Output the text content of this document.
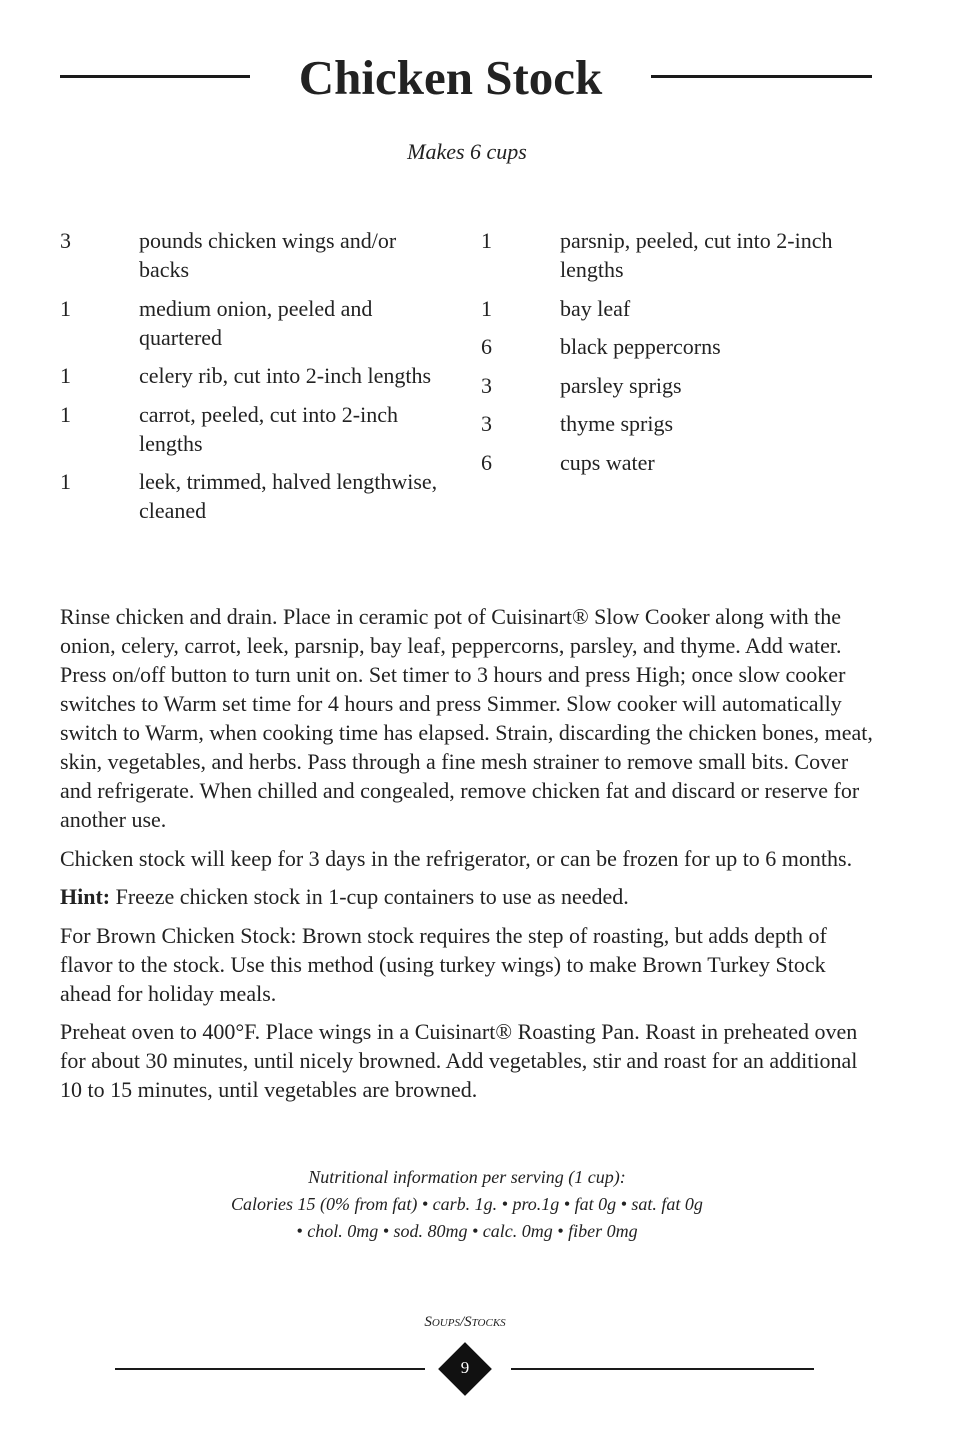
Chicken Stock
Makes 6 cups
3	pounds chicken wings and/or backs
1	medium onion, peeled and quartered
1	celery rib, cut into 2-inch lengths
1	carrot, peeled, cut into 2-inch lengths
1	leek, trimmed, halved lengthwise, cleaned
1	parsnip, peeled, cut into 2-inch lengths
1	bay leaf
6	black peppercorns
3	parsley sprigs
3	thyme sprigs
6	cups water

Rinse chicken and drain. Place in ceramic pot of Cuisinart® Slow Cooker along with the onion, celery, carrot, leek, parsnip, bay leaf, peppercorns, parsley, and thyme. Add water. Press on/off button to turn unit on. Set timer to 3 hours and press High; once slow cooker switches to Warm set time for 4 hours and press Simmer. Slow cooker will automatically switch to Warm, when cooking time has elapsed. Strain, discarding the chicken bones, meat, skin, vegetables, and herbs. Pass through a fine mesh strainer to remove small bits. Cover and refrigerate. When chilled and congealed, remove chicken fat and discard or reserve for another use.

Chicken stock will keep for 3 days in the refrigerator, or can be frozen for up to 6 months.

Hint: Freeze chicken stock in 1-cup containers to use as needed.

For Brown Chicken Stock: Brown stock requires the step of roasting, but adds depth of flavor to the stock. Use this method (using turkey wings) to make Brown Turkey Stock ahead for holiday meals.

Preheat oven to 400°F. Place wings in a Cuisinart® Roasting Pan. Roast in preheated oven for about 30 minutes, until nicely browned. Add vegetables, stir and roast for an additional 10 to 15 minutes, until vegetables are browned.

Nutritional information per serving (1 cup):
Calories 15 (0% from fat) • carb. 1g. • pro.1g • fat 0g • sat. fat 0g
• chol. 0mg • sod. 80mg • calc. 0mg • fiber 0mg
Soups/Stocks
9
